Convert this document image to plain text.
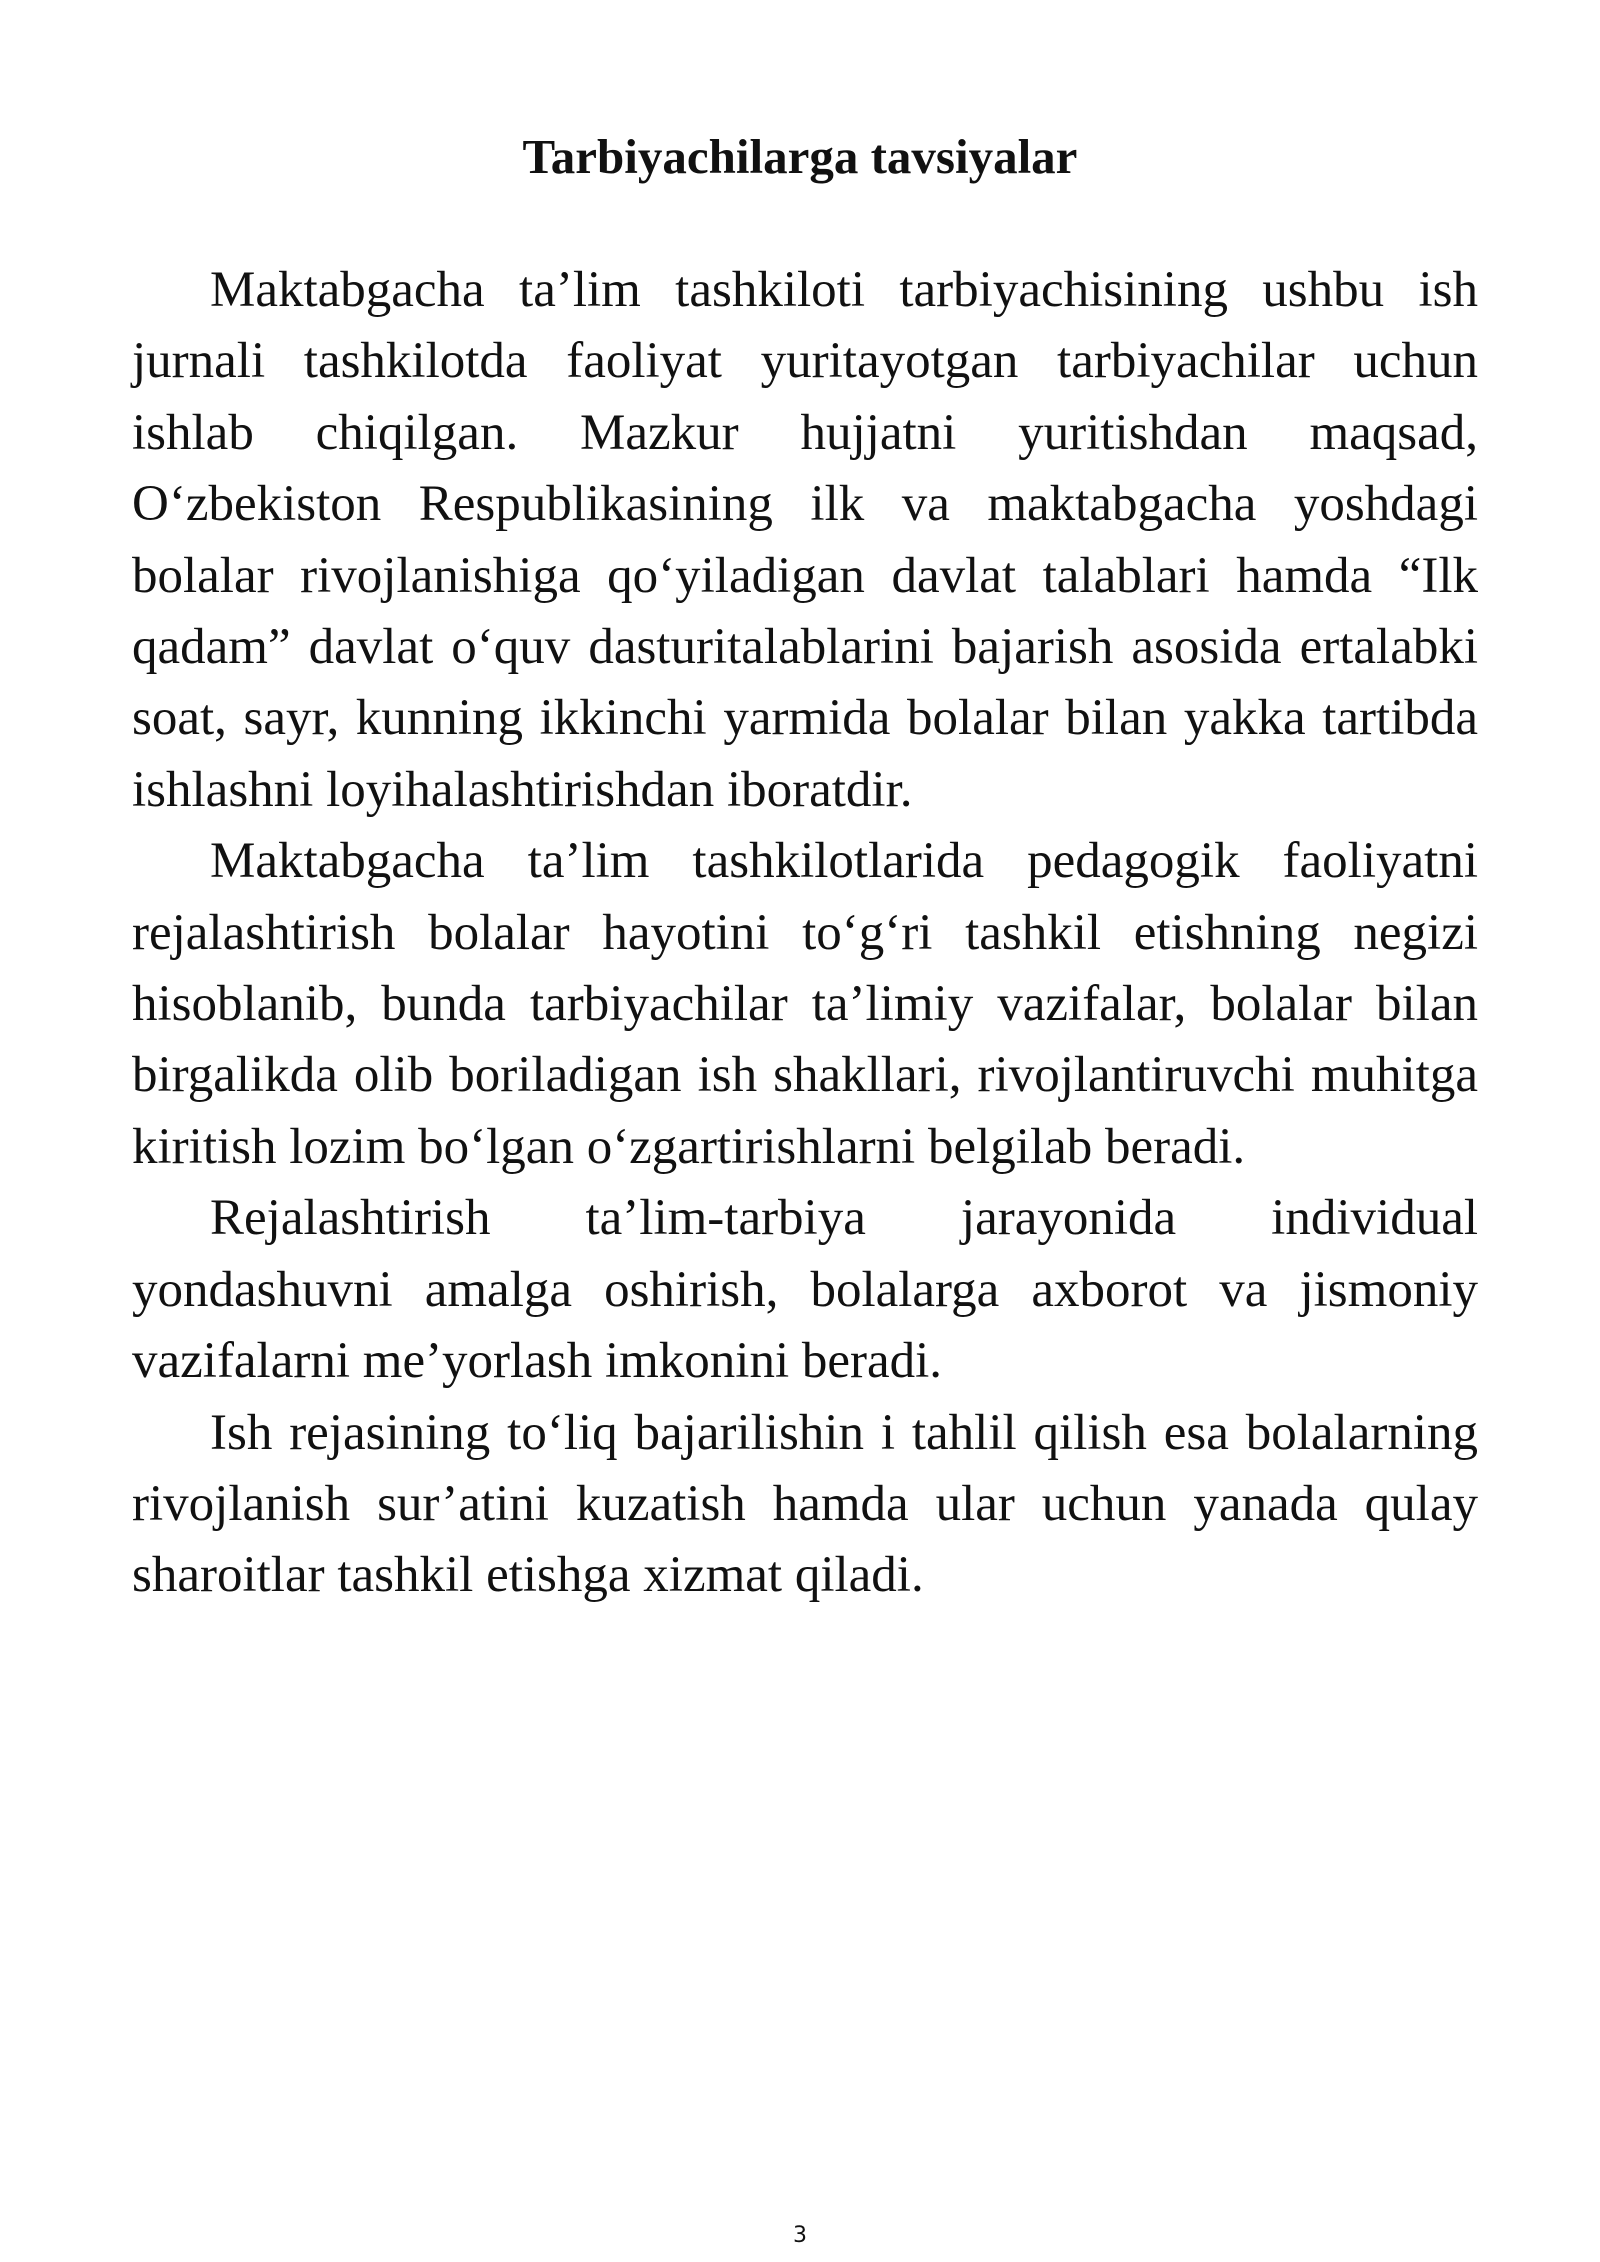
Tarbiyachilarga tavsiyalar

Maktabgacha ta’lim tashkiloti tarbiyachisining ushbu ish jurnali tashkilotda faoliyat yuritayotgan tarbiyachilar uchun ishlab chiqilgan. Mazkur hujjatni yuritishdan maqsad, O‘zbekiston Respublikasining ilk va maktabgacha yoshdagi bolalar rivojlanishiga qo‘yiladigan davlat talablari hamda “Ilk qadam” davlat o‘quv dasturitalablarini bajarish asosida ertalabki soat, sayr, kunning ikkinchi yarmida bolalar bilan yakka tartibda ishlashni loyihalashtirishdan iboratdir.

Maktabgacha ta’lim tashkilotlarida pedagogik faoliyatni rejalashtirish bolalar hayotini to‘g‘ri tashkil etishning negizi hisoblanib, bunda tarbiyachilar ta’limiy vazifalar, bolalar bilan birgalikda olib boriladigan ish shakllari, rivojlantiruvchi muhitga kiritish lozim bo‘lgan o‘zgartirishlarni belgilab beradi.

Rejalashtirish ta’lim-tarbiya jarayonida individual yondashuvni amalga oshirish, bolalarga axborot va jismoniy vazifalarni me’yorlash imkonini beradi.

Ish rejasining to‘liq bajarilishin i tahlil qilish esa bolalarning rivojlanish sur’atini kuzatish hamda ular uchun yanada qulay sharoitlar tashkil etishga xizmat qiladi.

3
